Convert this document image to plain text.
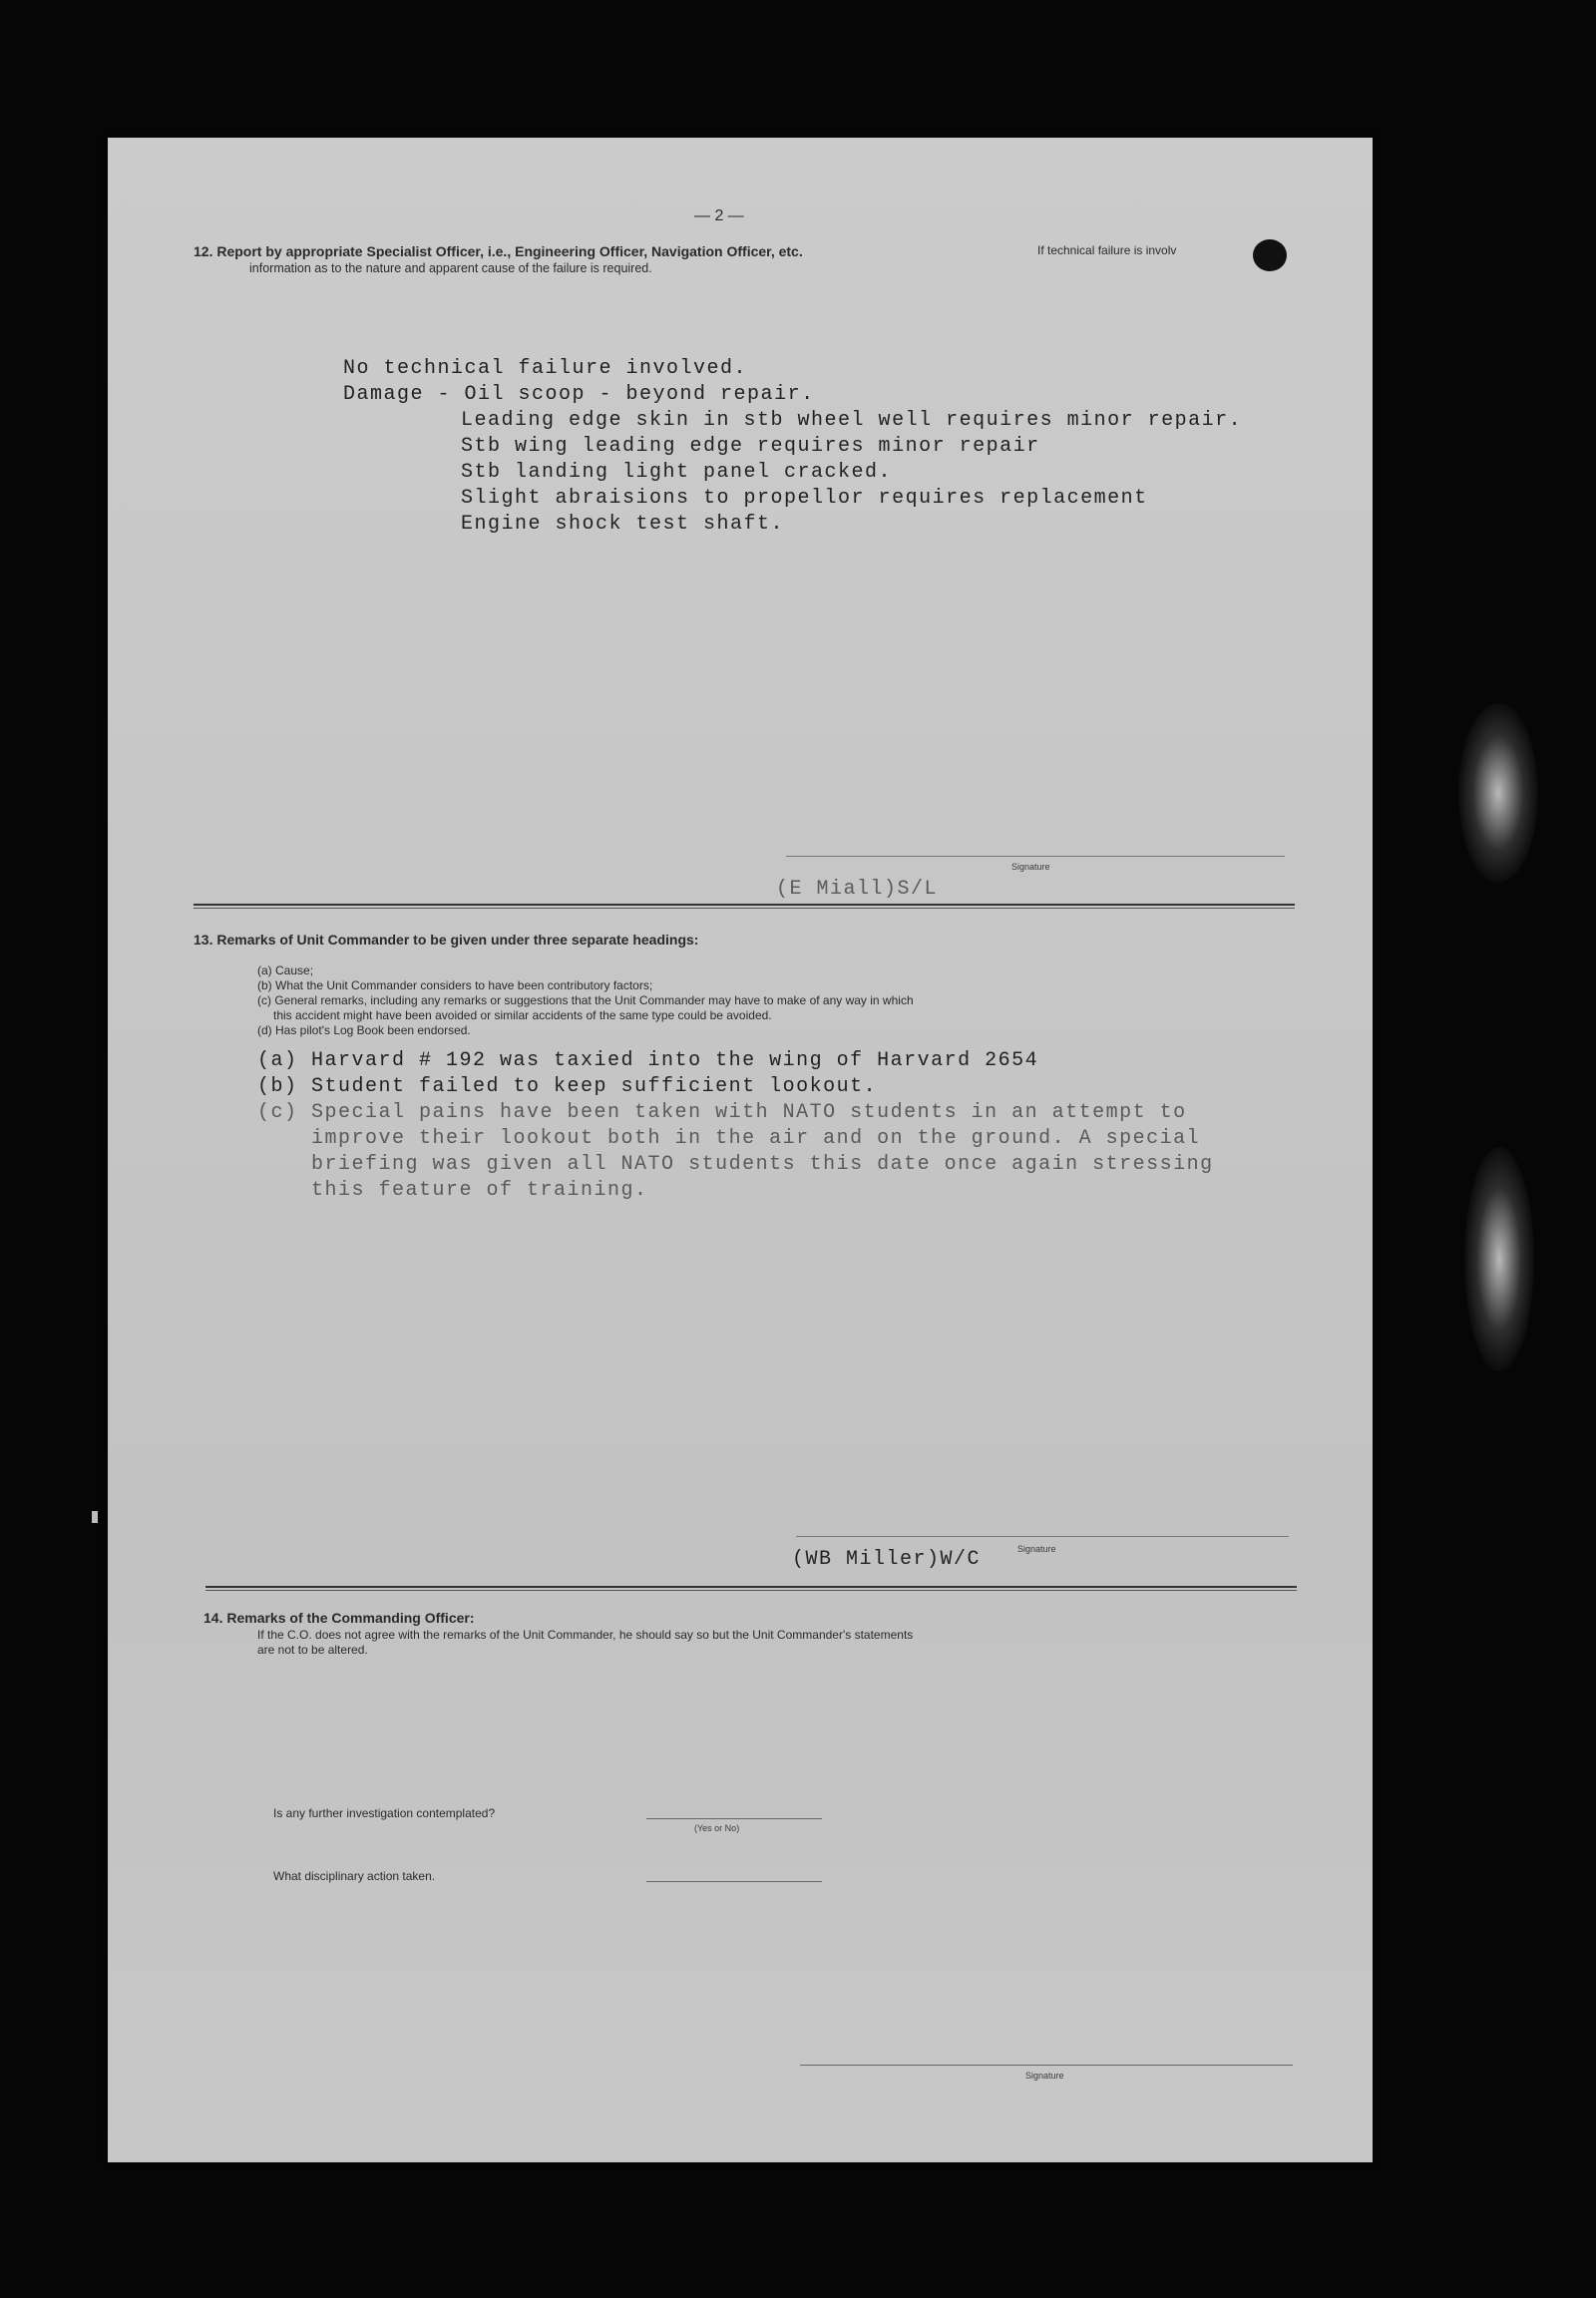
— 2 —
12. Report by appropriate Specialist Officer, i.e., Engineering Officer, Navigation Officer, etc.	If technical failure is involv
information as to the nature and apparent cause of the failure is required.
No technical failure involved.
Damage - Oil scoop - beyond repair.
Leading edge skin in stb wheel well requires minor repair.
Stb wing leading edge requires minor repair
Stb landing light panel cracked.
Slight abraisions to propellor requires replacement
Engine shock test shaft.
Signature
(E Miall)S/L
13. Remarks of Unit Commander to be given under three separate headings:
(a) Cause;
(b) What the Unit Commander considers to have been contributory factors;
(c) General remarks, including any remarks or suggestions that the Unit Commander may have to make of any way in which
this accident might have been avoided or similar accidents of the same type could be avoided.
(d) Has pilot's Log Book been endorsed.
(a) Harvard # 192 was taxied into the wing of Harvard 2654
(b) Student failed to keep sufficient lookout.
(c) Special pains have been taken with NATO students in an attempt to
improve their lookout both in the air and on the ground. A special
briefing was given all NATO students this date once again stressing
this feature of training.
(WB Miller)W/C	Signature
14. Remarks of the Commanding Officer:
If the C.O. does not agree with the remarks of the Unit Commander, he should say so but the Unit Commander's statements
are not to be altered.
Is any further investigation contemplated?
(Yes or No)
What disciplinary action taken.
Signature
